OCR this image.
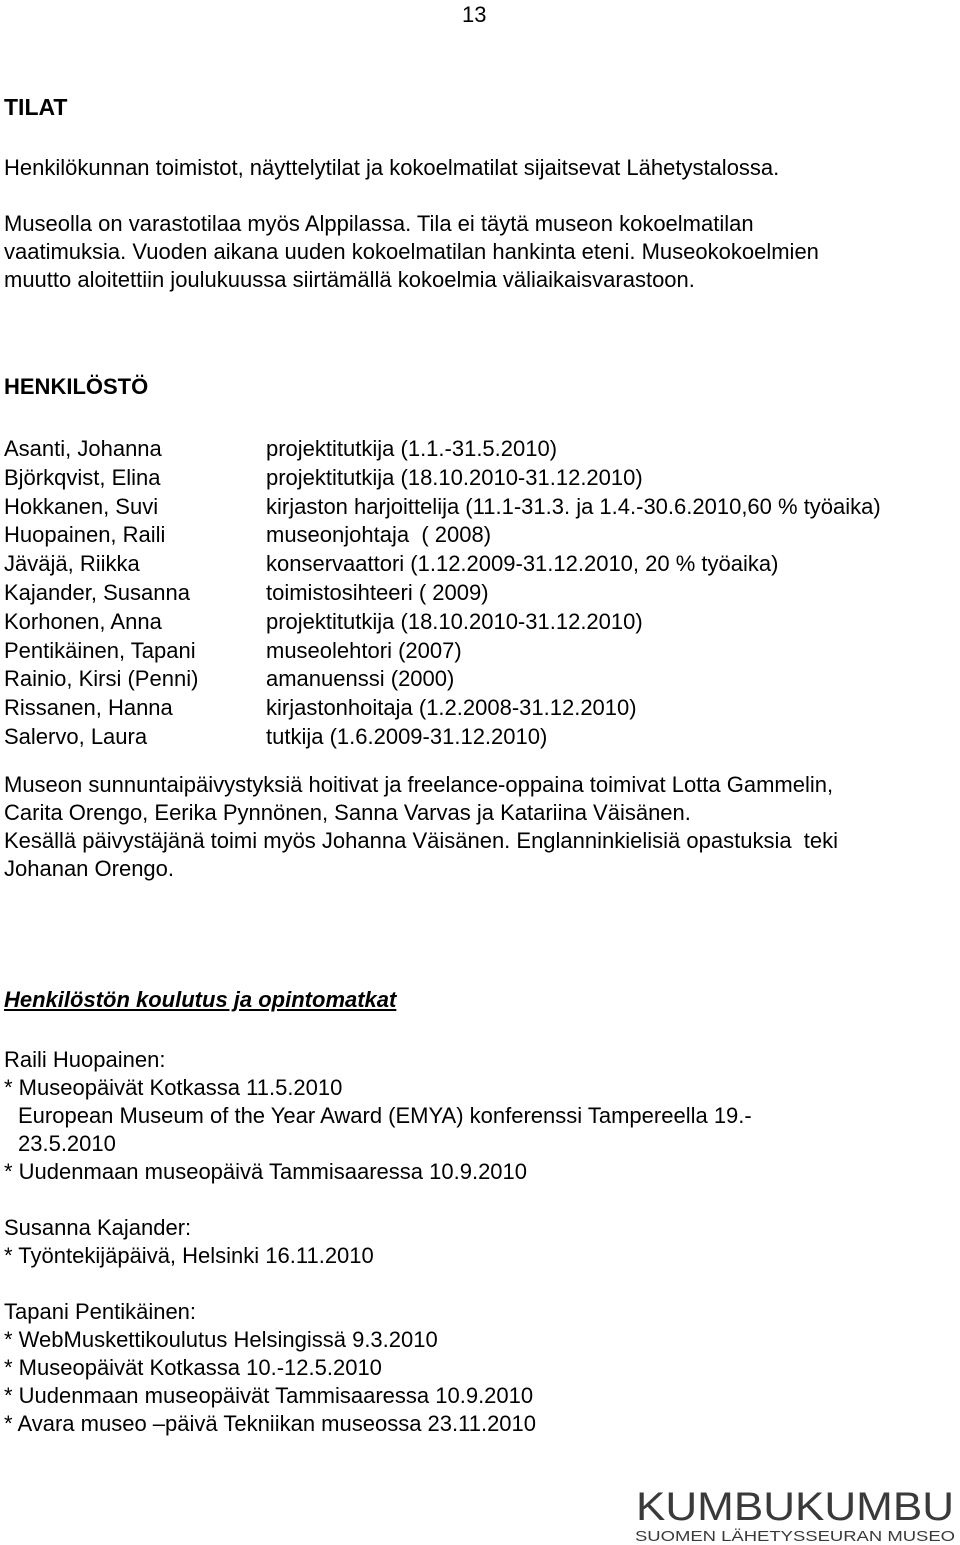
13
TILAT
Henkilökunnan toimistot, näyttelytilat ja kokoelmatilat sijaitsevat Lähetystalossa.
Museolla on varastotilaa myös Alppilassa. Tila ei täytä museon kokoelmatilan
vaatimuksia. Vuoden aikana uuden kokoelmatilan hankinta eteni. Museokokoelmien
muutto aloitettiin joulukuussa siirtämällä kokoelmia väliaikaisvarastoon.
HENKILÖSTÖ
Asanti, Johanna	projektitutkija (1.1.-31.5.2010)
Björkqvist, Elina	projektitutkija (18.10.2010-31.12.2010)
Hokkanen, Suvi	kirjaston harjoittelija (11.1-31.3. ja 1.4.-30.6.2010,60 % työaika)
Huopainen, Raili	museonjohtaja  ( 2008)
Jäväjä, Riikka	konservaattori (1.12.2009-31.12.2010, 20 % työaika)
Kajander, Susanna	toimistosihteeri ( 2009)
Korhonen, Anna	projektitutkija (18.10.2010-31.12.2010)
Pentikäinen, Tapani	museolehtori (2007)
Rainio, Kirsi (Penni)	amanuenssi (2000)
Rissanen, Hanna	kirjastonhoitaja (1.2.2008-31.12.2010)
Salervo, Laura	tutkija (1.6.2009-31.12.2010)
Museon sunnuntaipäivystyksiä hoitivat ja freelance-oppaina toimivat Lotta Gammelin,
Carita Orengo, Eerika Pynnönen, Sanna Varvas ja Katariina Väisänen.
Kesällä päivystäjänä toimi myös Johanna Väisänen. Englanninkielisiä opastuksia  teki
Johanan Orengo.
Henkilöstön koulutus ja opintomatkat
Raili Huopainen:
* Museopäivät Kotkassa 11.5.2010
European Museum of the Year Award (EMYA) konferenssi Tampereella 19.-
23.5.2010
* Uudenmaan museopäivä Tammisaaressa 10.9.2010
Susanna Kajander:
* Työntekijäpäivä, Helsinki 16.11.2010
Tapani Pentikäinen:
* WebMuskettikoulutus Helsingissä 9.3.2010
* Museopäivät Kotkassa 10.-12.5.2010
* Uudenmaan museopäivät Tammisaaressa 10.9.2010
* Avara museo –päivä Tekniikan museossa 23.11.2010
KUMBUKUMBU
SUOMEN LÄHETYSSEURAN MUSEO
